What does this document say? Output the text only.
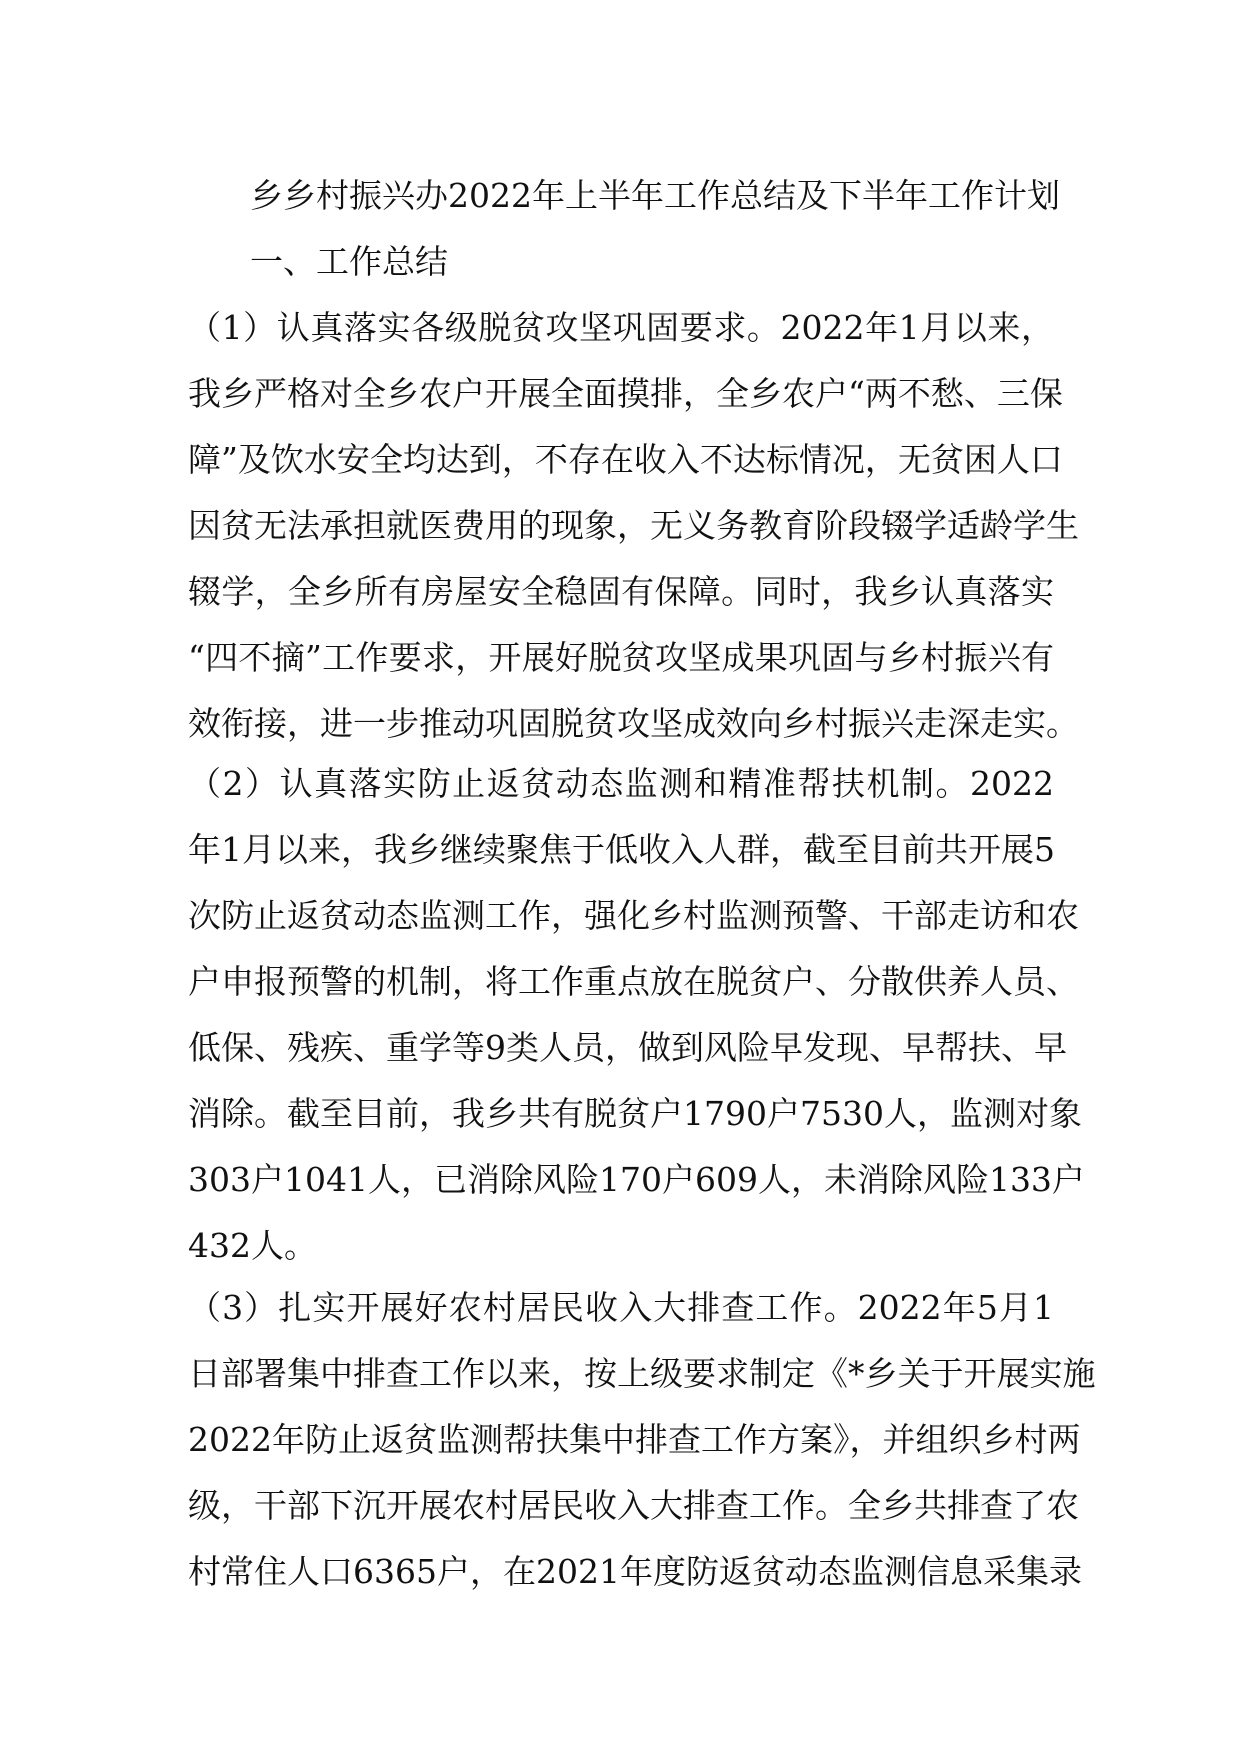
乡乡村振兴办2022年上半年工作总结及下半年工作计划
一、工作总结
（1）认真落实各级脱贫攻坚巩固要求。2022年1月以来，
我乡严格对全乡农户开展全面摸排，全乡农户“两不愁、三保
障”及饮水安全均达到，不存在收入不达标情况，无贫困人口
因贫无法承担就医费用的现象，无义务教育阶段辍学适龄学生
辍学，全乡所有房屋安全稳固有保障。同时，我乡认真落实
“四不摘”工作要求，开展好脱贫攻坚成果巩固与乡村振兴有
效衔接，进一步推动巩固脱贫攻坚成效向乡村振兴走深走实。
（2）认真落实防止返贫动态监测和精准帮扶机制。2022
年1月以来，我乡继续聚焦于低收入人群，截至目前共开展5
次防止返贫动态监测工作，强化乡村监测预警、干部走访和农
户申报预警的机制，将工作重点放在脱贫户、分散供养人员、
低保、残疾、重学等9类人员，做到风险早发现、早帮扶、早
消除。截至目前，我乡共有脱贫户1790户7530人，监测对象
303户1041人，已消除风险170户609人，未消除风险133户
432人。
（3）扎实开展好农村居民收入大排查工作。2022年5月1
日部署集中排查工作以来，按上级要求制定《*乡关于开展实施
2022年防止返贫监测帮扶集中排查工作方案》，并组织乡村两
级，干部下沉开展农村居民收入大排查工作。全乡共排查了农
村常住人口6365户，在2021年度防返贫动态监测信息采集录
